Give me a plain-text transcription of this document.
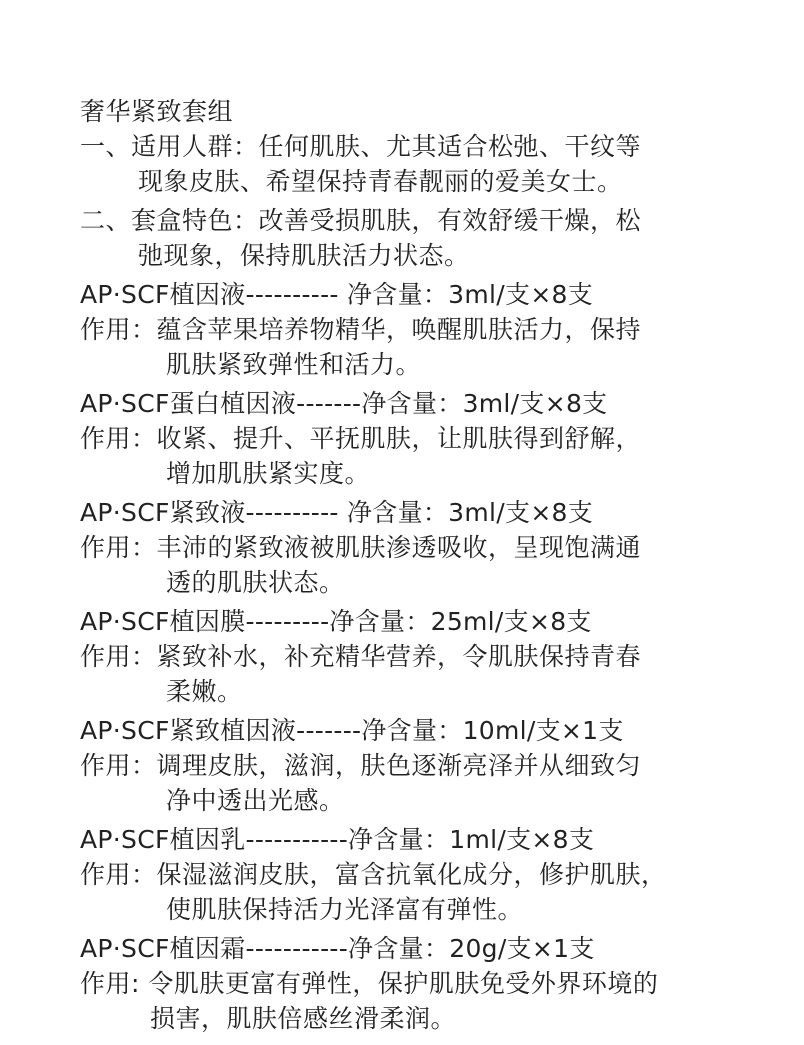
奢华紧致套组
一、适用人群：任何肌肤、尤其适合松弛、干纹等
现象皮肤、希望保持青春靓丽的爱美女士。
二、套盒特色：改善受损肌肤，有效舒缓干燥，松
弛现象，保持肌肤活力状态。
AP·SCF植因液---------- 净含量：3ml/支×8支
作用：蕴含苹果培养物精华，唤醒肌肤活力，保持
肌肤紧致弹性和活力。
AP·SCF蛋白植因液-------净含量：3ml/支×8支
作用：收紧、提升、平抚肌肤，让肌肤得到舒解，
增加肌肤紧实度。
AP·SCF紧致液---------- 净含量：3ml/支×8支
作用：丰沛的紧致液被肌肤渗透吸收，呈现饱满通
透的肌肤状态。
AP·SCF植因膜---------净含量：25ml/支×8支
作用：紧致补水，补充精华营养，令肌肤保持青春
柔嫩。
AP·SCF紧致植因液-------净含量：10ml/支×1支
作用：调理皮肤，滋润，肤色逐渐亮泽并从细致匀
净中透出光感。
AP·SCF植因乳-----------净含量：1ml/支×8支
作用：保湿滋润皮肤，富含抗氧化成分，修护肌肤，
使肌肤保持活力光泽富有弹性。
AP·SCF植因霜-----------净含量：20g/支×1支
作用: 令肌肤更富有弹性，保护肌肤免受外界环境的
损害，肌肤倍感丝滑柔润。
